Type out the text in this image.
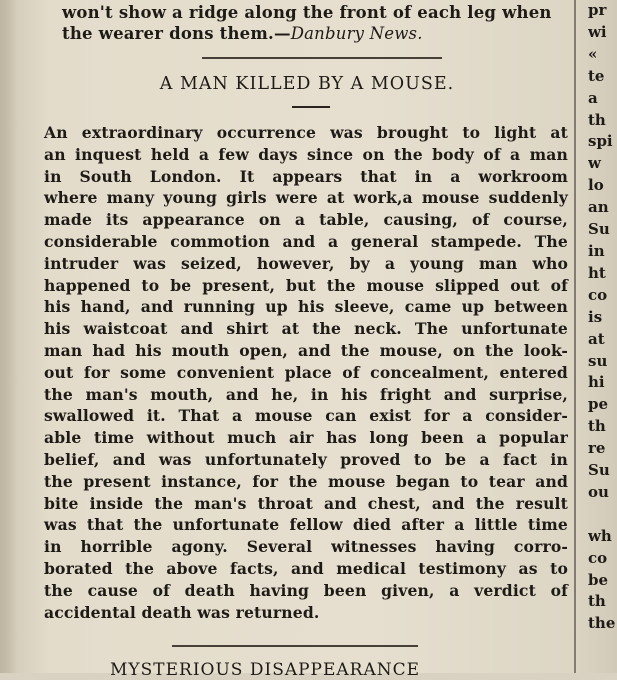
won't show a ridge along the front of each leg when
the wearer dons them.—Danbury News.
A MAN KILLED BY A MOUSE.
An extraordinary occurrence was brought to light at
an inquest held a few days since on the body of a man
in South London. It appears that in a workroom
where many young girls were at work,a mouse suddenly
made its appearance on a table, causing, of course,
considerable commotion and a general stampede. The
intruder was seized, however, by a young man who
happened to be present, but the mouse slipped out of
his hand, and running up his sleeve, came up between
his waistcoat and shirt at the neck. The unfortunate
man had his mouth open, and the mouse, on the look-
out for some convenient place of concealment, entered
the man's mouth, and he, in his fright and surprise,
swallowed it. That a mouse can exist for a consider-
able time without much air has long been a popular
belief, and was unfortunately proved to be a fact in
the present instance, for the mouse began to tear and
bite inside the man's throat and chest, and the result
was that the unfortunate fellow died after a little time
in horrible agony. Several witnesses having corro-
borated the above facts, and medical testimony as to
the cause of death having been given, a verdict of
accidental death was returned.
MYSTERIOUS DISAPPEARANCE
pr
wi
«
te
a
th
spi
w
lo
an
Su
in
ht
co
is
at
su
hi
pe
th
re
Su
ou

wh
co
be
th
the
